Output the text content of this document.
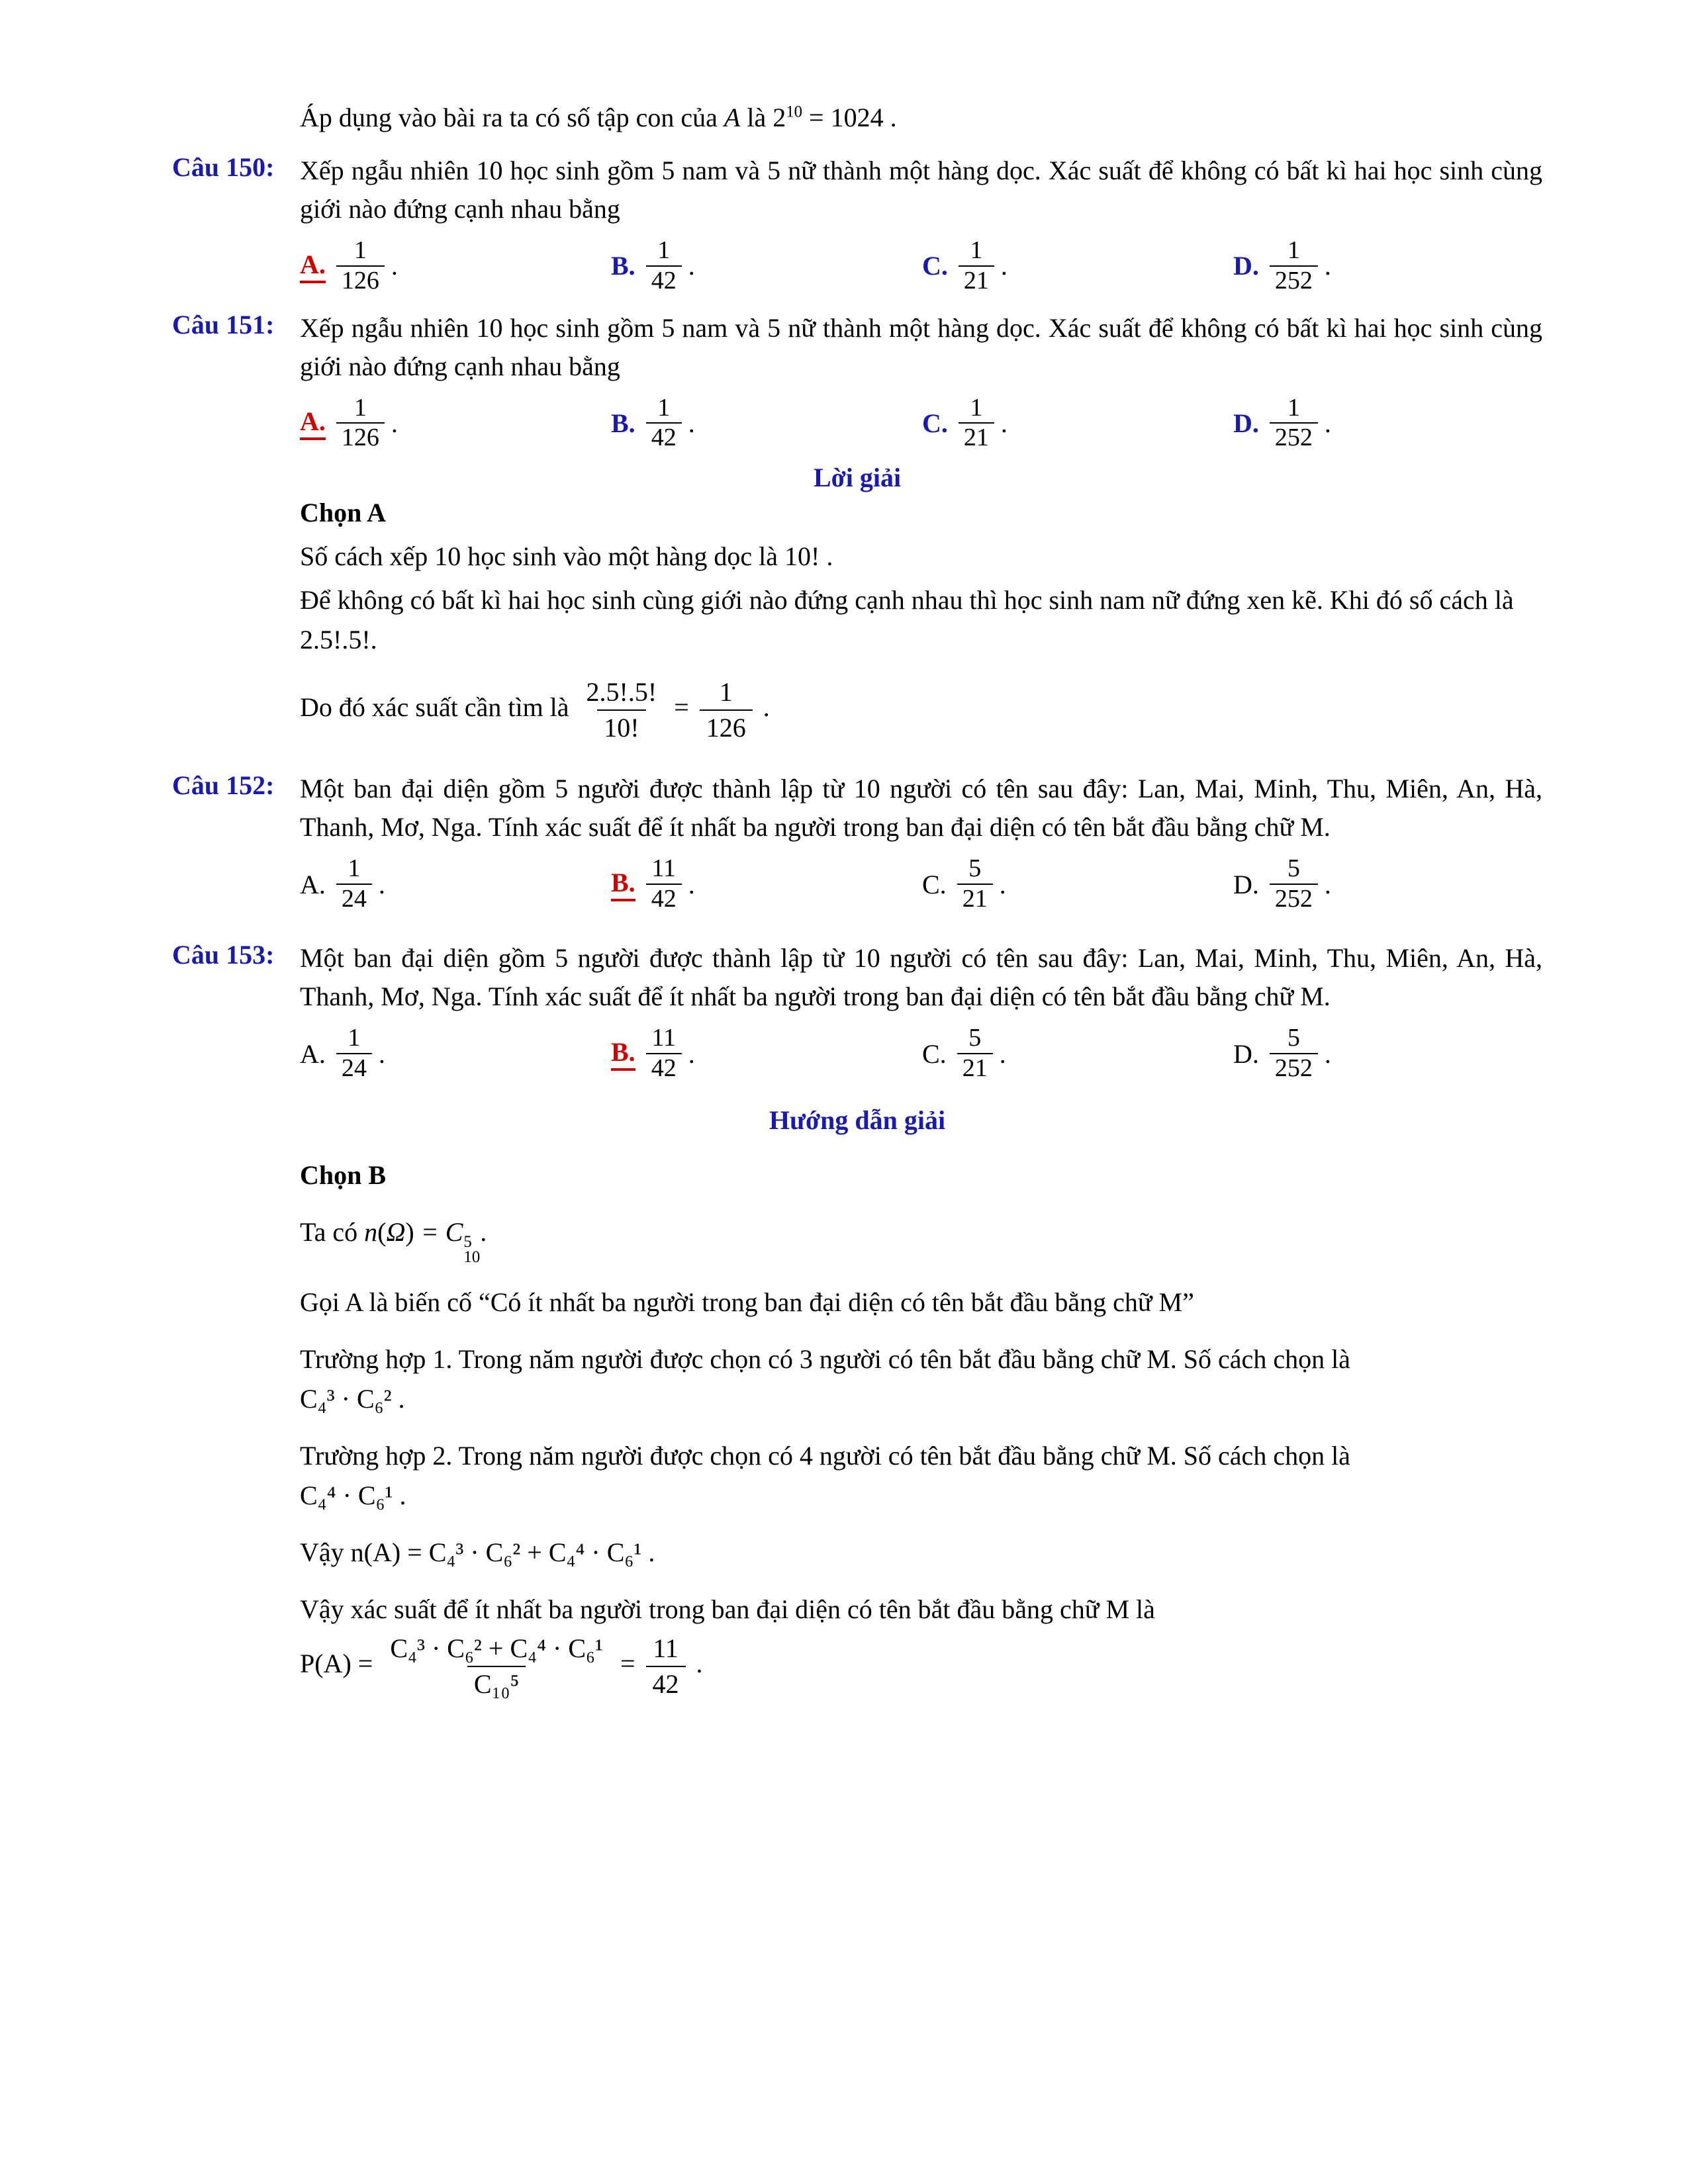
Áp dụng vào bài ra ta có số tập con của A là $2^{10} = 1024$ .
Câu 150: Xếp ngẫu nhiên 10 học sinh gồm 5 nam và 5 nữ thành một hàng dọc. Xác suất để không có bất kì hai học sinh cùng giới nào đứng cạnh nhau bằng
A. $\frac{1}{126}$ .	B. $\frac{1}{42}$ .	C. $\frac{1}{21}$ .	D. $\frac{1}{252}$ .
Câu 151: Xếp ngẫu nhiên 10 học sinh gồm 5 nam và 5 nữ thành một hàng dọc. Xác suất để không có bất kì hai học sinh cùng giới nào đứng cạnh nhau bằng
A. $\frac{1}{126}$ .	B. $\frac{1}{42}$ .	C. $\frac{1}{21}$ .	D. $\frac{1}{252}$ .
Lời giải

Chọn A

Số cách xếp 10 học sinh vào một hàng dọc là 10! .

Để không có bất kì hai học sinh cùng giới nào đứng cạnh nhau thì học sinh nam nữ đứng xen kẽ. Khi đó số cách là 2.5!.5!.

Do đó xác suất cần tìm là $\frac{2.5!.5!}{10!} = \frac{1}{126}$ .

Câu 152: Một ban đại diện gồm 5 người được thành lập từ 10 người có tên sau đây: Lan, Mai, Minh, Thu, Miên, An, Hà, Thanh, Mơ, Nga. Tính xác suất để ít nhất ba người trong ban đại diện có tên bắt đầu bằng chữ M.
A. $\frac{1}{24}$ .	B. $\frac{11}{42}$ .	C. $\frac{5}{21}$ .	D. $\frac{5}{252}$ .
Câu 153: Một ban đại diện gồm 5 người được thành lập từ 10 người có tên sau đây: Lan, Mai, Minh, Thu, Miên, An, Hà, Thanh, Mơ, Nga. Tính xác suất để ít nhất ba người trong ban đại diện có tên bắt đầu bằng chữ M.
A. $\frac{1}{24}$ .	B. $\frac{11}{42}$ .	C. $\frac{5}{21}$ .	D. $\frac{5}{252}$ .
Hướng dẫn giải

Chọn B

Ta có n(Ω) = C 5
10
.

Gọi A là biến cố “Có ít nhất ba người trong ban đại diện có tên bắt đầu bằng chữ M”

Trường hợp 1. Trong năm người được chọn có 3 người có tên bắt đầu bằng chữ M. Số cách chọn là
C₄³ · C₆² .

Trường hợp 2. Trong năm người được chọn có 4 người có tên bắt đầu bằng chữ M. Số cách chọn là
C₄⁴ · C₆¹ .

Vậy n(A) = C₄³ · C₆² + C₄⁴ · C₆¹ .

Vậy xác suất để ít nhất ba người trong ban đại diện có tên bắt đầu bằng chữ M là

$P(A) = \frac{\text{C₄³ · C₆² + C₄⁴ · C₆¹}}{\text{C₁₀⁵}} = \frac{11}{42}$ .
